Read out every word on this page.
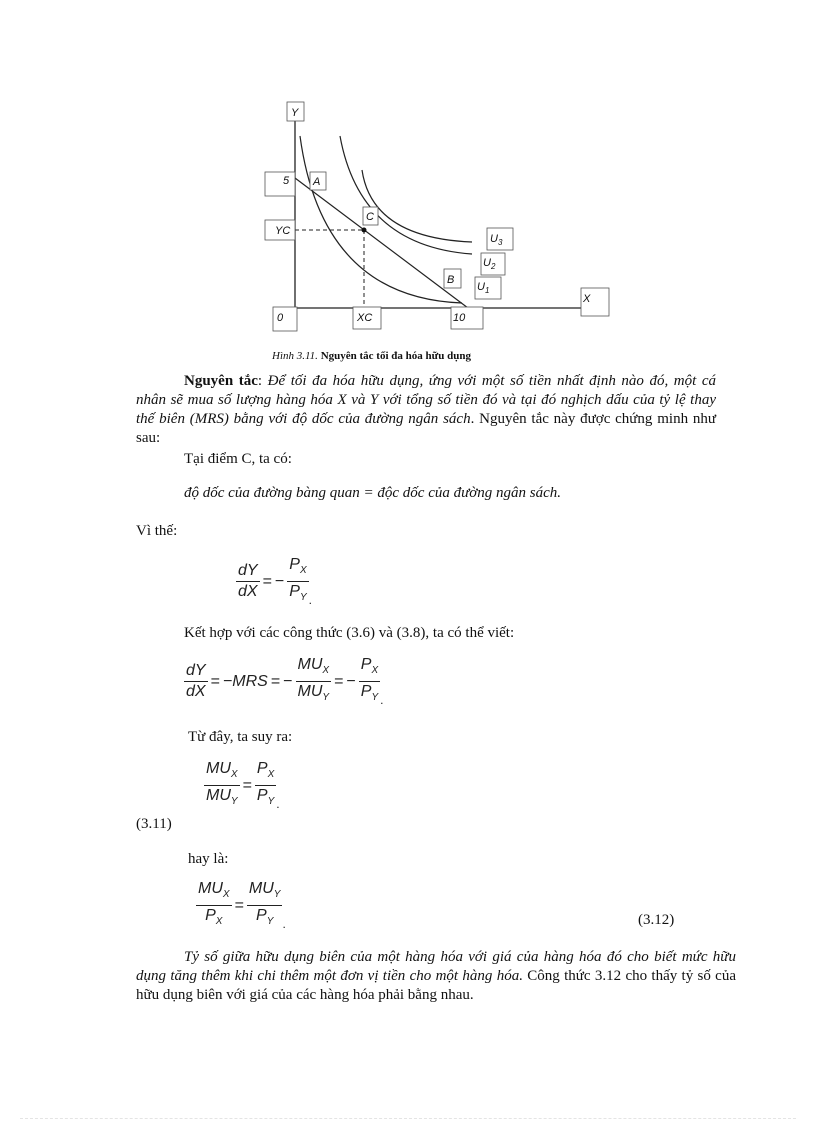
Y
X
5 A
C
YC
B
$U_3$
$U_2$
$U_1$
0	XC	10
Hình 3.11. Nguyên tắc tối đa hóa hữu dụng
Nguyên tắc: Để tối đa hóa hữu dụng, ứng với một số tiền nhất định nào đó, một cá nhân sẽ mua số lượng hàng hóa X và Y với tổng số tiền đó và tại đó nghịch dấu của tỷ lệ thay thế biên (MRS) bằng với độ dốc của đường ngân sách. Nguyên tắc này được chứng minh như sau:
Tại điểm C, ta có:
độ dốc của đường bàng quan = độc dốc của đường ngân sách.
Vì thế:
$\frac{dY}{dX}$ = − $\frac{P_X}{P_Y}$ .
Kết hợp với các công thức (3.6) và (3.8), ta có thể viết:
$\frac{dY}{dX} = -MRS$ = − $\frac{MU_X}{MU_Y}$ = − $\frac{P_X}{P_Y}$ .
Từ đây, ta suy ra:
$\frac{MU_X}{MU_Y} = \frac{P_X}{P_Y}$ .
(3.11)
hay là:
$\frac{MU_X}{P_X} = \frac{MU_Y}{P_Y}$ .	(3.12)
Tỷ số giữa hữu dụng biên của một hàng hóa với giá của hàng hóa đó cho biết mức hữu dụng tăng thêm khi chi thêm một đơn vị tiền cho một hàng hóa. Công thức 3.12 cho thấy tỷ số của hữu dụng biên với giá của các hàng hóa phải bằng nhau.
